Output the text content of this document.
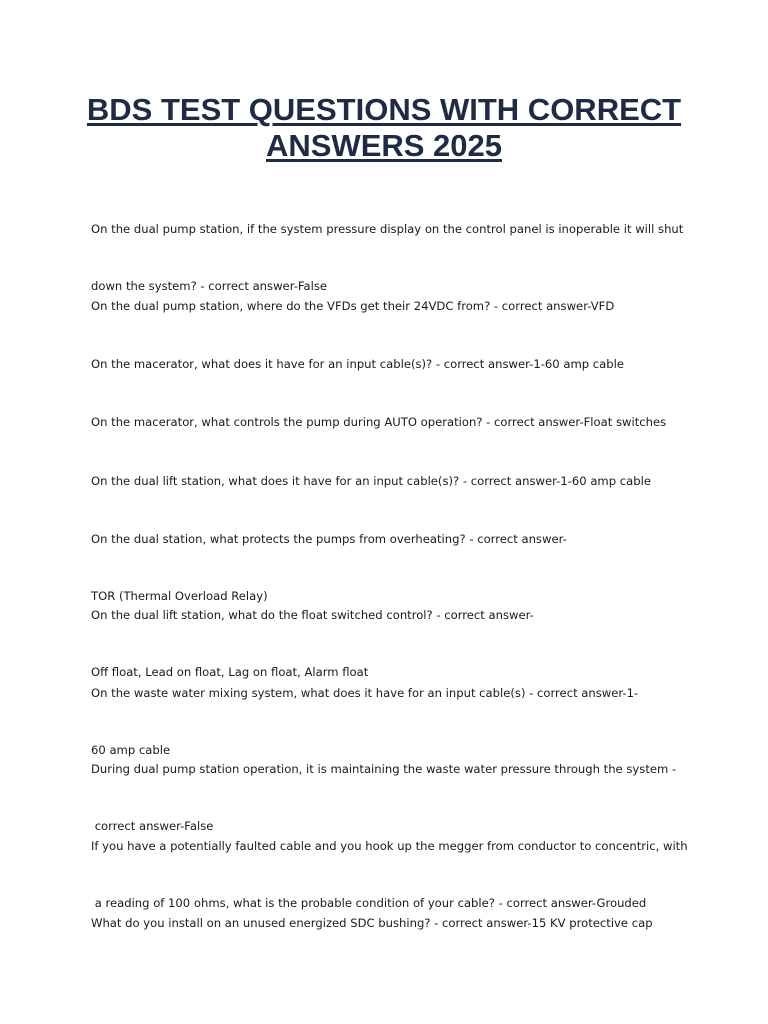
BDS TEST QUESTIONS WITH CORRECT
ANSWERS 2025

On the dual pump station, if the system pressure display on the control panel is inoperable it will shut

down the system? - correct answer-False

On the dual pump station, where do the VFDs get their 24VDC from? - correct answer-VFD

On the macerator, what does it have for an input cable(s)? - correct answer-1-60 amp cable

On the macerator, what controls the pump during AUTO operation? - correct answer-Float switches

On the dual lift station, what does it have for an input cable(s)? - correct answer-1-60 amp cable

On the dual station, what protects the pumps from overheating? - correct answer-

TOR (Thermal Overload Relay)

On the dual lift station, what do the float switched control? - correct answer-

Off float, Lead on float, Lag on float, Alarm float

On the waste water mixing system, what does it have for an input cable(s) - correct answer-1-

60 amp cable

During dual pump station operation, it is maintaining the waste water pressure through the system -

correct answer-False

If you have a potentially faulted cable and you hook up the megger from conductor to concentric, with

a reading of 100 ohms, what is the probable condition of your cable? - correct answer-Grouded

What do you install on an unused energized SDC bushing? - correct answer-15 KV protective cap
